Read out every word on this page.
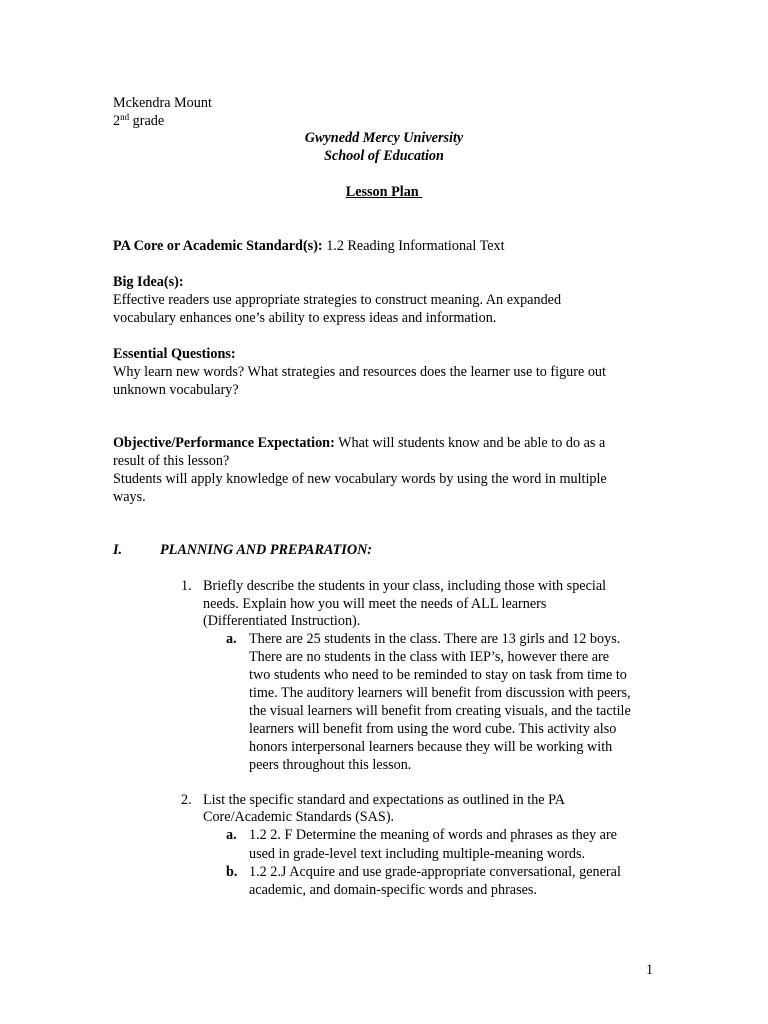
Mckendra Mount
2nd grade
Gwynedd Mercy University
School of Education
Lesson Plan
PA Core or Academic Standard(s): 1.2 Reading Informational Text
Big Idea(s):
Effective readers use appropriate strategies to construct meaning. An expanded
vocabulary enhances one’s ability to express ideas and information.
Essential Questions:
Why learn new words? What strategies and resources does the learner use to figure out
unknown vocabulary?
Objective/Performance Expectation: What will students know and be able to do as a
result of this lesson?
Students will apply knowledge of new vocabulary words by using the word in multiple
ways.
I.	PLANNING AND PREPARATION:
1. Briefly describe the students in your class, including those with special
needs. Explain how you will meet the needs of ALL learners
(Differentiated Instruction).
a. There are 25 students in the class. There are 13 girls and 12 boys.
There are no students in the class with IEP’s, however there are
two students who need to be reminded to stay on task from time to
time. The auditory learners will benefit from discussion with peers,
the visual learners will benefit from creating visuals, and the tactile
learners will benefit from using the word cube. This activity also
honors interpersonal learners because they will be working with
peers throughout this lesson.
2. List the specific standard and expectations as outlined in the PA
Core/Academic Standards (SAS).
a. 1.2 2. F Determine the meaning of words and phrases as they are
used in grade-level text including multiple-meaning words.
b. 1.2 2.J Acquire and use grade-appropriate conversational, general
academic, and domain-specific words and phrases.
1
